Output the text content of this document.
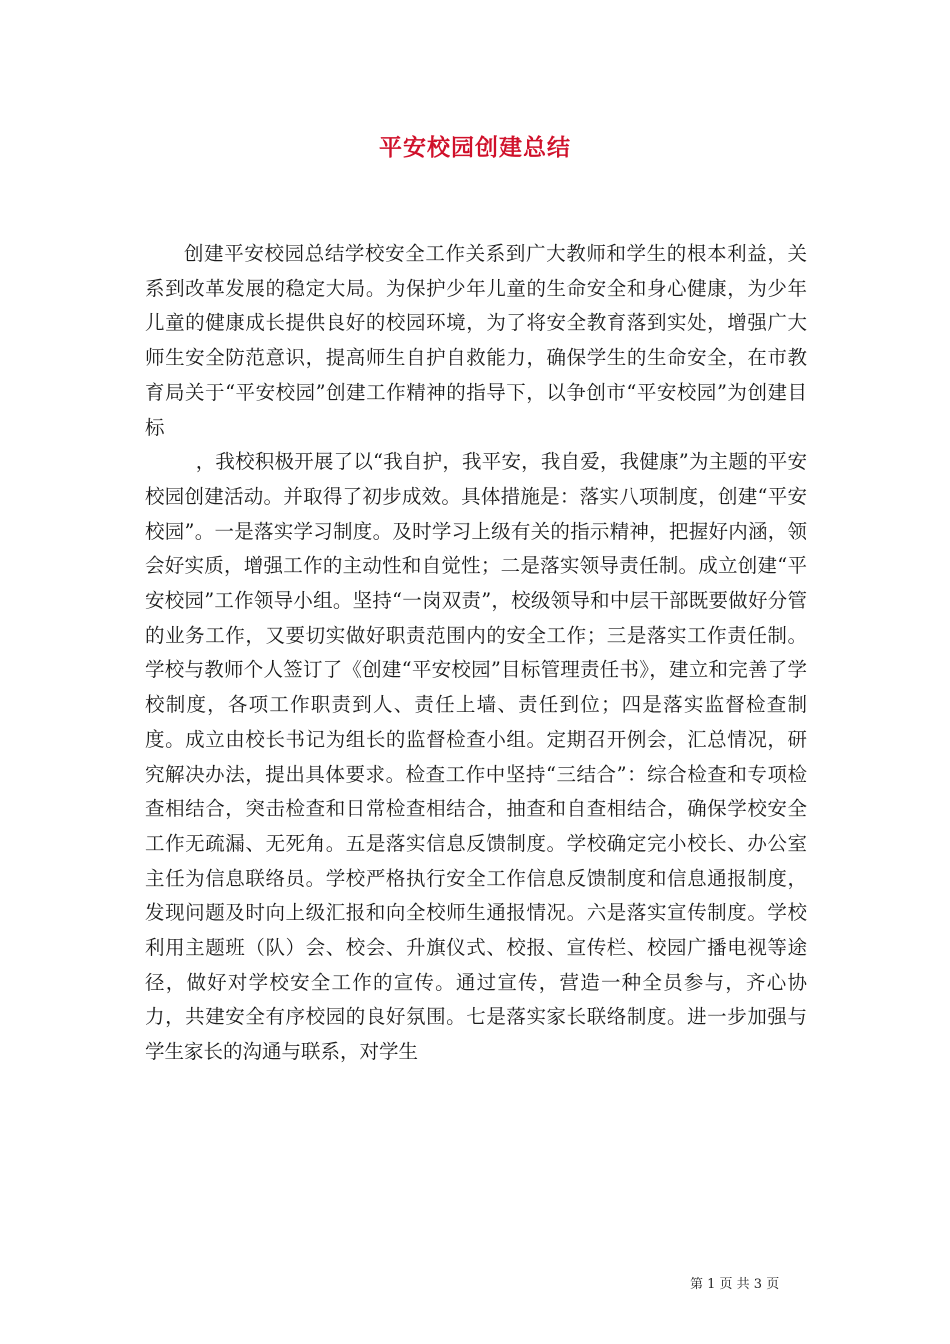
平安校园创建总结

创建平安校园总结学校安全工作关系到广大教师和学生的根本利益，关系到改革发展的稳定大局。为保护少年儿童的生命安全和身心健康，为少年儿童的健康成长提供良好的校园环境，为了将安全教育落到实处，增强广大师生安全防范意识，提高师生自护自救能力，确保学生的生命安全，在市教育局关于“平安校园”创建工作精神的指导下，以争创市“平安校园”为创建目标

，我校积极开展了以“我自护，我平安，我自爱，我健康”为主题的平安校园创建活动。并取得了初步成效。具体措施是：落实八项制度，创建“平安校园”。一是落实学习制度。及时学习上级有关的指示精神，把握好内涵，领会好实质，增强工作的主动性和自觉性；二是落实领导责任制。成立创建“平安校园”工作领导小组。坚持“一岗双责”，校级领导和中层干部既要做好分管的业务工作，又要切实做好职责范围内的安全工作；三是落实工作责任制。学校与教师个人签订了《创建“平安校园”目标管理责任书》，建立和完善了学校制度，各项工作职责到人、责任上墙、责任到位；四是落实监督检查制度。成立由校长书记为组长的监督检查小组。定期召开例会，汇总情况，研究解决办法，提出具体要求。检查工作中坚持“三结合”：综合检查和专项检查相结合，突击检查和日常检查相结合，抽查和自查相结合，确保学校安全工作无疏漏、无死角。五是落实信息反馈制度。学校确定完小校长、办公室主任为信息联络员。学校严格执行安全工作信息反馈制度和信息通报制度，发现问题及时向上级汇报和向全校师生通报情况。六是落实宣传制度。学校利用主题班（队）会、校会、升旗仪式、校报、宣传栏、校园广播电视等途径，做好对学校安全工作的宣传。通过宣传，营造一种全员参与，齐心协力，共建安全有序校园的良好氛围。七是落实家长联络制度。进一步加强与学生家长的沟通与联系，对学生

第 1 页 共 3 页
